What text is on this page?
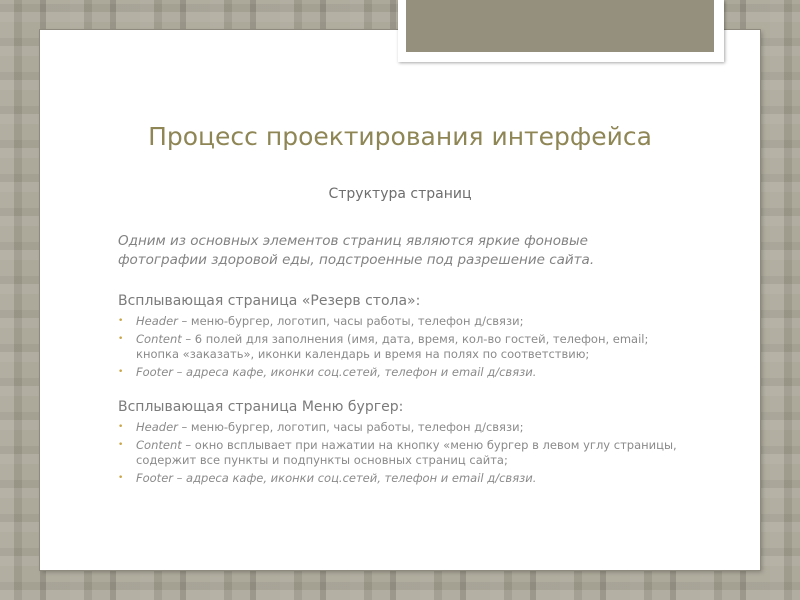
Процесс проектирования интерфейса
Структура страниц

Одним из основных элементов страниц являются яркие фоновые фотографии здоровой еды, подстроенные под разрешение сайта.

Всплывающая страница «Резерв стола»:
• Header – меню-бургер, логотип, часы работы, телефон д/связи;
• Content – 6 полей для заполнения (имя, дата, время, кол-во гостей, телефон, email; кнопка «заказать», иконки календарь и время на полях по соответствию;
• Footer – адреса кафе, иконки соц.сетей, телефон и email д/связи.
Всплывающая страница Меню бургер:
• Header – меню-бургер, логотип, часы работы, телефон д/связи;
• Content – окно всплывает при нажатии на кнопку «меню бургер в левом углу страницы, содержит все пункты и подпункты основных страниц сайта;
• Footer – адреса кафе, иконки соц.сетей, телефон и email д/связи.
